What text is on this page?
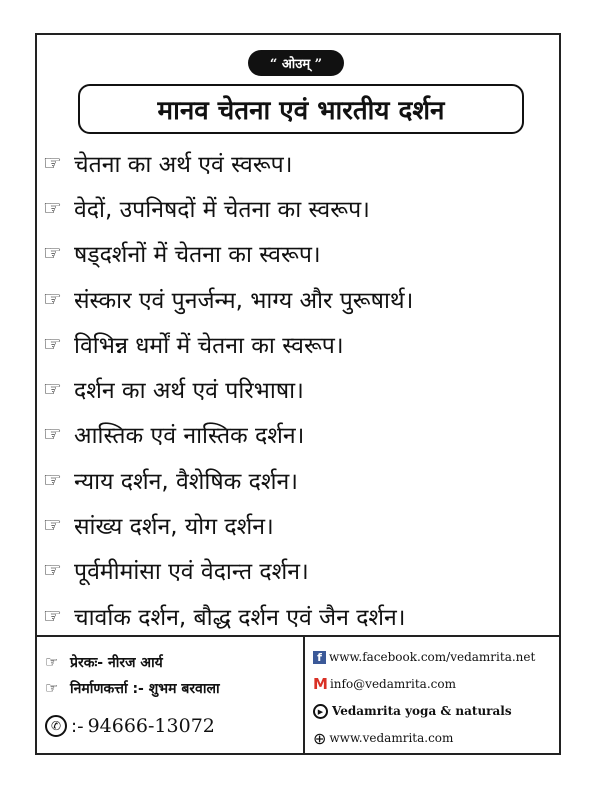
“ ओउम् ”
मानव चेतना एवं भारतीय दर्शन
☞ चेतना का अर्थ एवं स्वरूप।
☞ वेदों, उपनिषदों में चेतना का स्वरूप।
☞ षड्दर्शनों में चेतना का स्वरूप।
☞ संस्कार एवं पुनर्जन्म, भाग्य और पुरूषार्थ।
☞ विभिन्न धर्मों में चेतना का स्वरूप।
☞ दर्शन का अर्थ एवं परिभाषा।
☞ आस्तिक एवं नास्तिक दर्शन।
☞ न्याय दर्शन, वैशेषिक दर्शन।
☞ सांख्य दर्शन, योग दर्शन।
☞ पूर्वमीमांसा एवं वेदान्त दर्शन।
☞ चार्वाक दर्शन, बौद्ध दर्शन एवं जैन दर्शन।
☞ प्रेरकः- नीरज आर्य
☞ निर्माणकर्त्ता :- शुभम बरवाला
✆ :- 94666-13072
f www.facebook.com/vedamrita.net
M info@vedamrita.com
▶ Vedamrita yoga & naturals
⊕ www.vedamrita.com
